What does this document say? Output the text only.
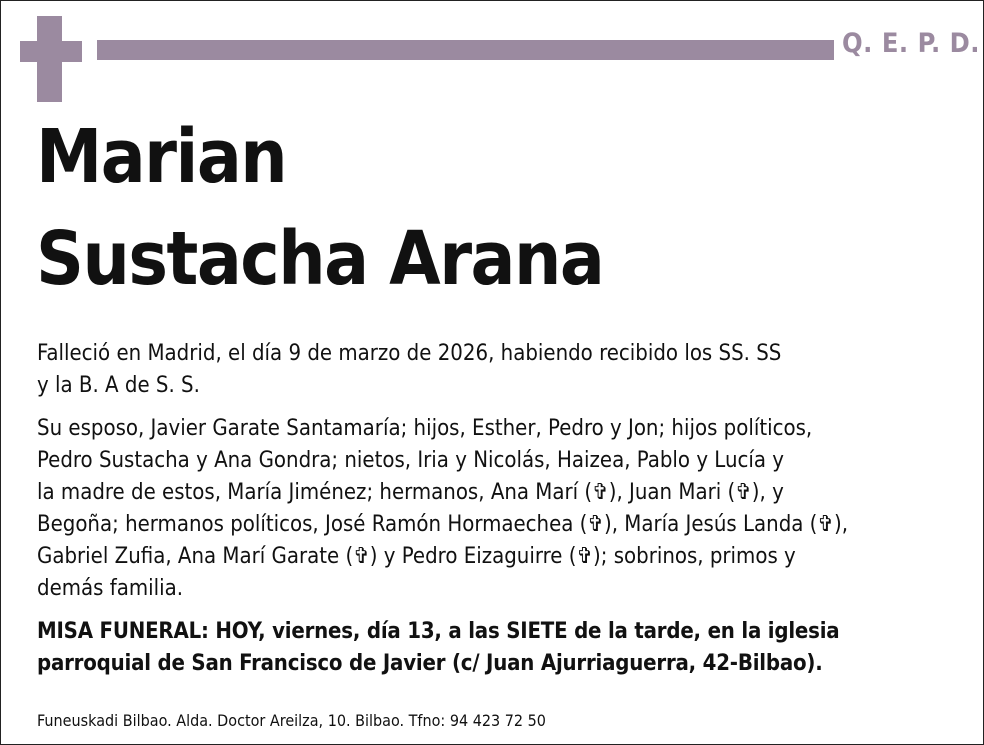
Q. E. P. D.
Marian
Sustacha Arana

Falleció en Madrid, el día 9 de marzo de 2026, habiendo recibido los SS. SS
y la B. A de S. S.

Su esposo, Javier Garate Santamaría; hijos, Esther, Pedro y Jon; hijos políticos,
Pedro Sustacha y Ana Gondra; nietos, Iria y Nicolás, Haizea, Pablo y Lucía y
la madre de estos, María Jiménez; hermanos, Ana Marí (✞), Juan Mari (✞), y
Begoña; hermanos políticos, José Ramón Hormaechea (✞), María Jesús Landa (✞),
Gabriel Zufia, Ana Marí Garate (✞) y Pedro Eizaguirre (✞); sobrinos, primos y
demás familia.

MISA FUNERAL: HOY, viernes, día 13, a las SIETE de la tarde, en la iglesia
parroquial de San Francisco de Javier (c/ Juan Ajurriaguerra, 42-Bilbao).

Funeuskadi Bilbao. Alda. Doctor Areilza, 10. Bilbao. Tfno: 94 423 72 50
